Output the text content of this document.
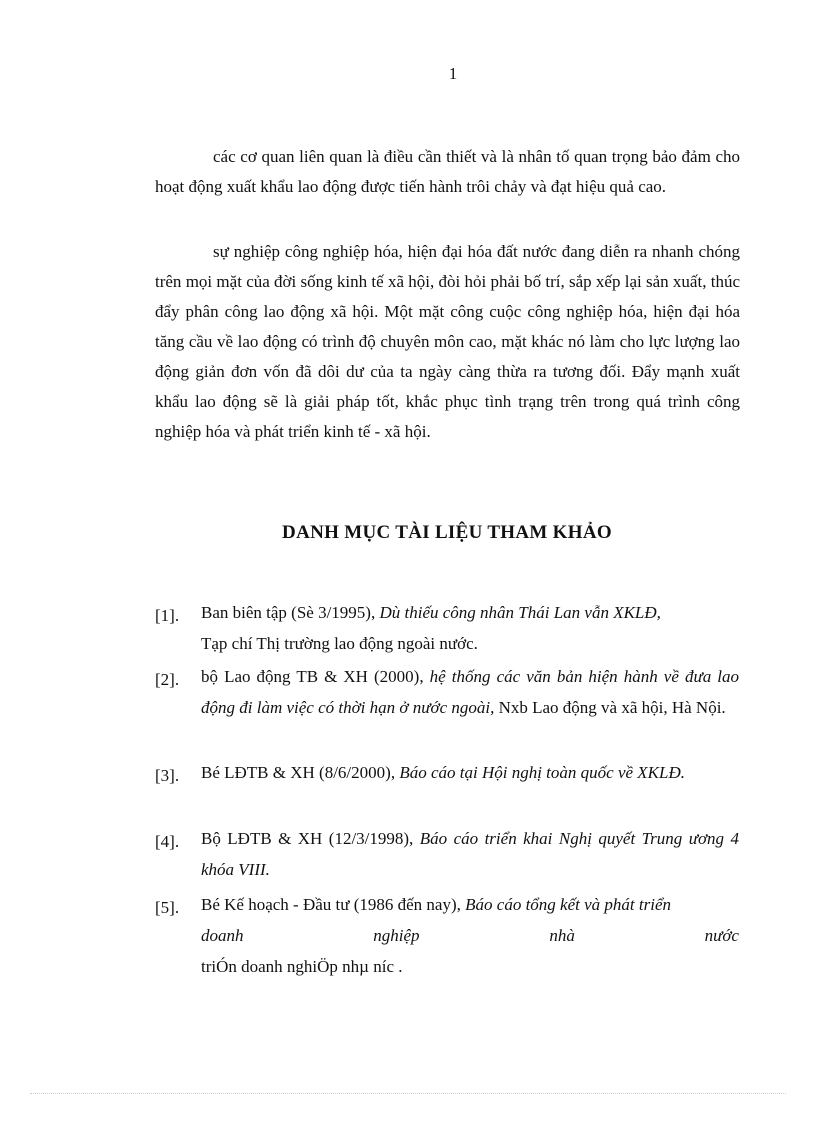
1
các cơ quan liên quan là điều cần thiết và là nhân tố quan trọng bảo đảm cho hoạt động xuất khẩu lao động được tiến hành trôi chảy và đạt hiệu quả cao.
sự nghiệp công nghiệp hóa, hiện đại hóa đất nước đang diễn ra nhanh chóng trên mọi mặt của đời sống kinh tế xã hội, đòi hỏi phải bố trí, sắp xếp lại sản xuất, thúc đẩy phân công lao động xã hội. Một mặt công cuộc công nghiệp hóa, hiện đại hóa tăng cầu về lao động có trình độ chuyên môn cao, mặt khác nó làm cho lực lượng lao động giản đơn vốn đã dôi dư của ta ngày càng thừa ra tương đối. Đẩy mạnh xuất khẩu lao động sẽ là giải pháp tốt, khắc phục tình trạng trên trong quá trình công nghiệp hóa và phát triển kinh tế - xã hội.
DANH MỤC TÀI LIỆU THAM KHẢO
[1].	Ban biên tập (Sè 3/1995), Dù thiếu công nhân Thái Lan vẫn XKLĐ,
Tạp chí Thị trường lao động ngoài nước.
[2].	bộ Lao động TB & XH (2000), hệ thống các văn bản hiện hành về đưa lao động đi làm việc có thời hạn ở nước ngoài, Nxb Lao động và xã hội, Hà Nội.
[3].	Bé LĐTB & XH (8/6/2000), Báo cáo tại Hội nghị toàn quốc về XKLĐ.
[4].	Bộ LĐTB & XH (12/3/1998), Báo cáo triển khai Nghị quyết Trung ương 4 khóa VIII.
[5].	Bé Kế hoạch - Đầu tư (1986 đến nay), Báo cáo tổng kết và phát triển
doanh	nghiệp	nhà	nước
triÓn doanh nghiÖp nhµ níc .
